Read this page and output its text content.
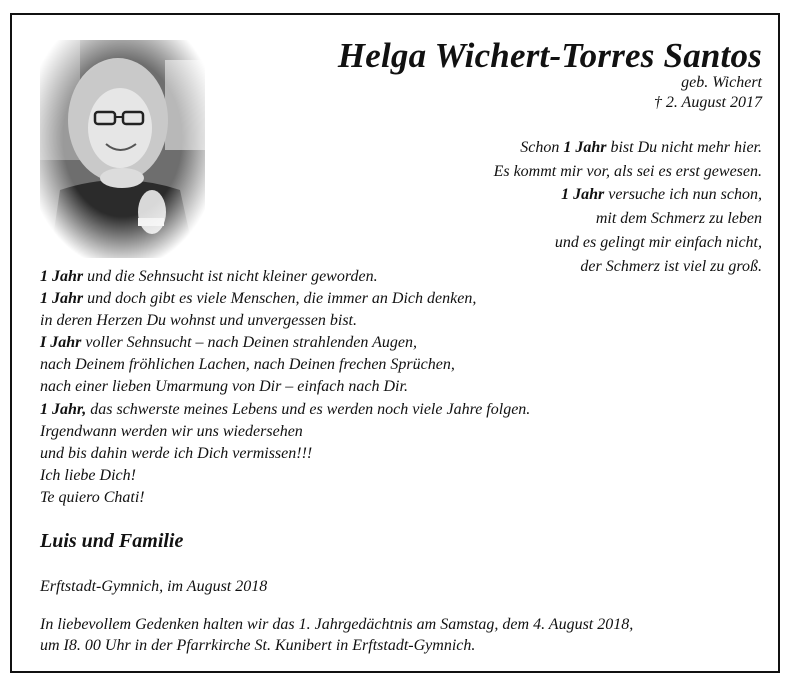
Helga Wichert-Torres Santos
geb. Wichert
† 2. August 2017
Schon 1 Jahr bist Du nicht mehr hier.
Es kommt mir vor, als sei es erst gewesen.
1 Jahr versuche ich nun schon,
mit dem Schmerz zu leben
und es gelingt mir einfach nicht,
der Schmerz ist viel zu groß.
1 Jahr und die Sehnsucht ist nicht kleiner geworden.
1 Jahr und doch gibt es viele Menschen, die immer an Dich denken,
in deren Herzen Du wohnst und unvergessen bist.
I Jahr voller Sehnsucht – nach Deinen strahlenden Augen,
nach Deinem fröhlichen Lachen, nach Deinen frechen Sprüchen,
nach einer lieben Umarmung von Dir – einfach nach Dir.
1 Jahr, das schwerste meines Lebens und es werden noch viele Jahre folgen.
Irgendwann werden wir uns wiedersehen
und bis dahin werde ich Dich vermissen!!!
Ich liebe Dich!
Te quiero Chati!
Luis und Familie
Erftstadt-Gymnich, im August 2018
In liebevollem Gedenken halten wir das 1. Jahrgedächtnis am Samstag, dem 4. August 2018,
um I8. 00 Uhr in der Pfarrkirche St. Kunibert in Erftstadt-Gymnich.
